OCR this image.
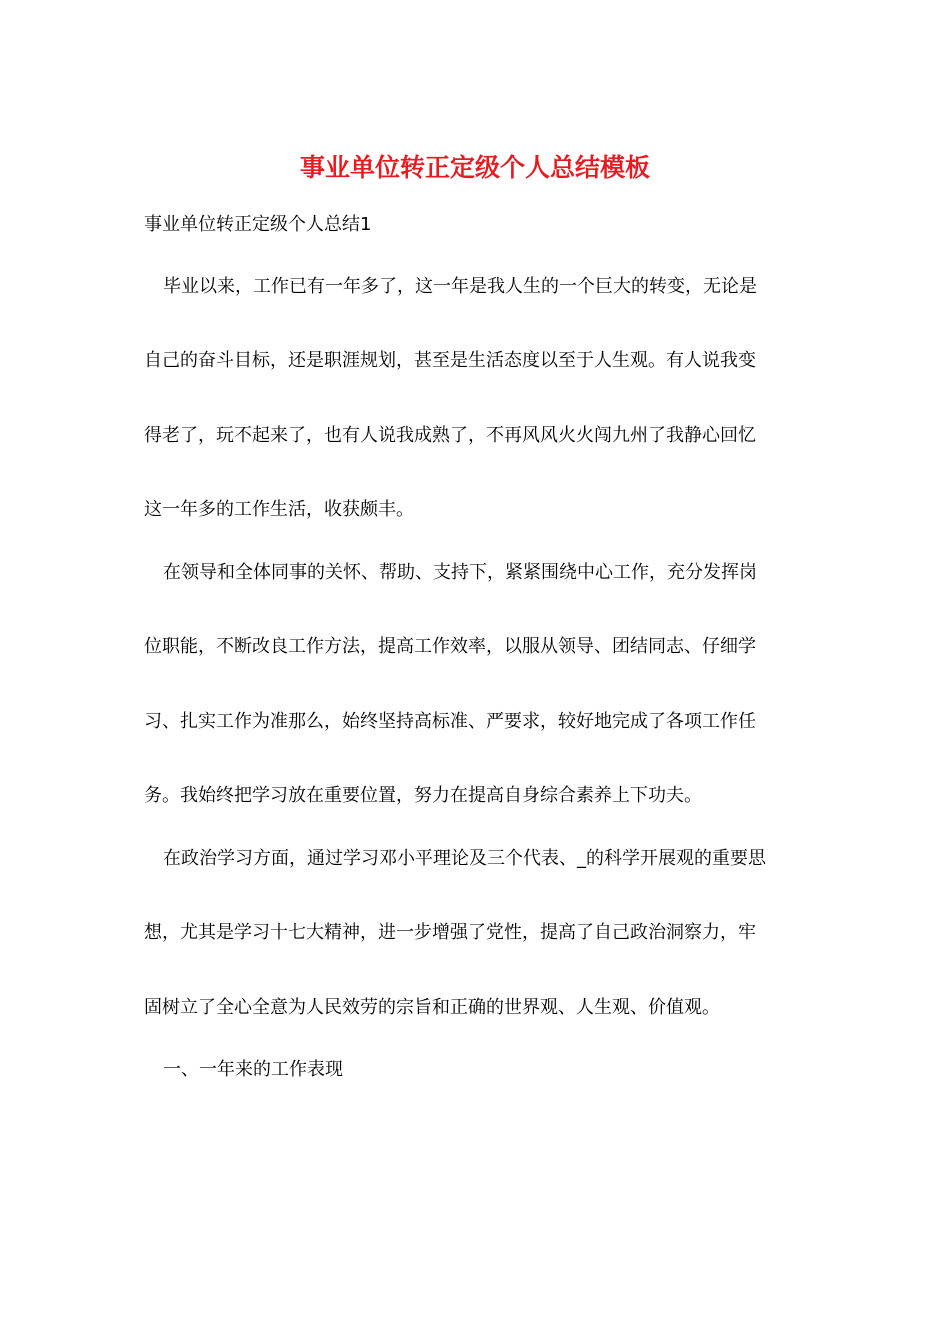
事业单位转正定级个人总结模板
事业单位转正定级个人总结1
毕业以来，工作已有一年多了，这一年是我人生的一个巨大的转变，无论是
自己的奋斗目标，还是职涯规划，甚至是生活态度以至于人生观。有人说我变
得老了，玩不起来了，也有人说我成熟了，不再风风火火闯九州了我静心回忆
这一年多的工作生活，收获颇丰。
在领导和全体同事的关怀、帮助、支持下，紧紧围绕中心工作，充分发挥岗
位职能，不断改良工作方法，提高工作效率，以服从领导、团结同志、仔细学
习、扎实工作为准那么，始终坚持高标准、严要求，较好地完成了各项工作任
务。我始终把学习放在重要位置，努力在提高自身综合素养上下功夫。
在政治学习方面，通过学习邓小平理论及三个代表、_的科学开展观的重要思
想，尤其是学习十七大精神，进一步增强了党性，提高了自己政治洞察力，牢
固树立了全心全意为人民效劳的宗旨和正确的世界观、人生观、价值观。
一、一年来的工作表现
